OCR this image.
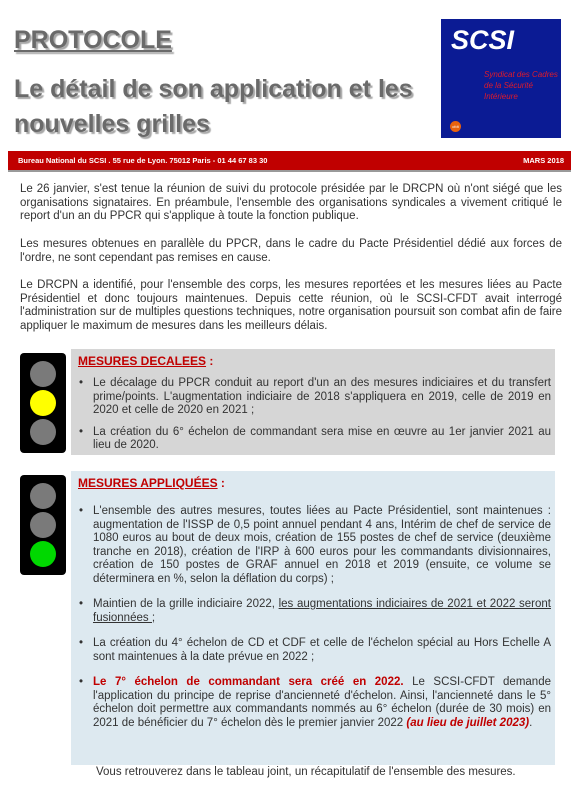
PROTOCOLE
Le détail de son application et les nouvelles grilles
SCSI
Syndicat des Cadres de la Sécurité Intérieure
cfdt
Bureau National du SCSI . 55 rue de Lyon. 75012 Paris - 01 44 67 83 30	MARS 2018

Le 26 janvier, s'est tenue la réunion de suivi du protocole présidée par le DRCPN où n'ont siégé que les organisations signataires. En préambule, l'ensemble des organisations syndicales a vivement critiqué le report d'un an du PPCR qui s'applique à toute la fonction publique.

Les mesures obtenues en parallèle du PPCR, dans le cadre du Pacte Présidentiel dédié aux forces de l'ordre, ne sont cependant pas remises en cause.

Le DRCPN a identifié, pour l'ensemble des corps, les mesures reportées et les mesures liées au Pacte Présidentiel et donc toujours maintenues. Depuis cette réunion, où le SCSI-CFDT avait interrogé l'administration sur de multiples questions techniques, notre organisation poursuit son combat afin de faire appliquer le maximum de mesures dans les meilleurs délais.

MESURES DECALEES :

• Le décalage du PPCR conduit au report d'un an des mesures indiciaires et du transfert prime/points. L'augmentation indiciaire de 2018 s'appliquera en 2019, celle de 2019 en 2020 et celle de 2020 en 2021 ;
• La création du 6° échelon de commandant sera mise en œuvre au 1er janvier 2021 au lieu de 2020.

MESURES APPLIQUÉES :

• L'ensemble des autres mesures, toutes liées au Pacte Présidentiel, sont maintenues : augmentation de l'ISSP de 0,5 point annuel pendant 4 ans, Intérim de chef de service de 1080 euros au bout de deux mois, création de 155 postes de chef de service (deuxième tranche en 2018), création de l'IRP à 600 euros pour les commandants divisionnaires, création de 150 postes de GRAF annuel en 2018 et 2019 (ensuite, ce volume se déterminera en %, selon la déflation du corps) ;
• Maintien de la grille indiciaire 2022, les augmentations indiciaires de 2021 et 2022 seront fusionnées ;
• La création du 4° échelon de CD et CDF et celle de l'échelon spécial au Hors Echelle A sont maintenues à la date prévue en 2022 ;
• Le 7° échelon de commandant sera créé en 2022. Le SCSI-CFDT demande l'application du principe de reprise d'ancienneté d'échelon. Ainsi, l'ancienneté dans le 5° échelon doit permettre aux commandants nommés au 6° échelon (durée de 30 mois) en 2021 de bénéficier du 7° échelon dès le premier janvier 2022 (au lieu de juillet 2023).

Vous retrouverez dans le tableau joint, un récapitulatif de l'ensemble des mesures.
